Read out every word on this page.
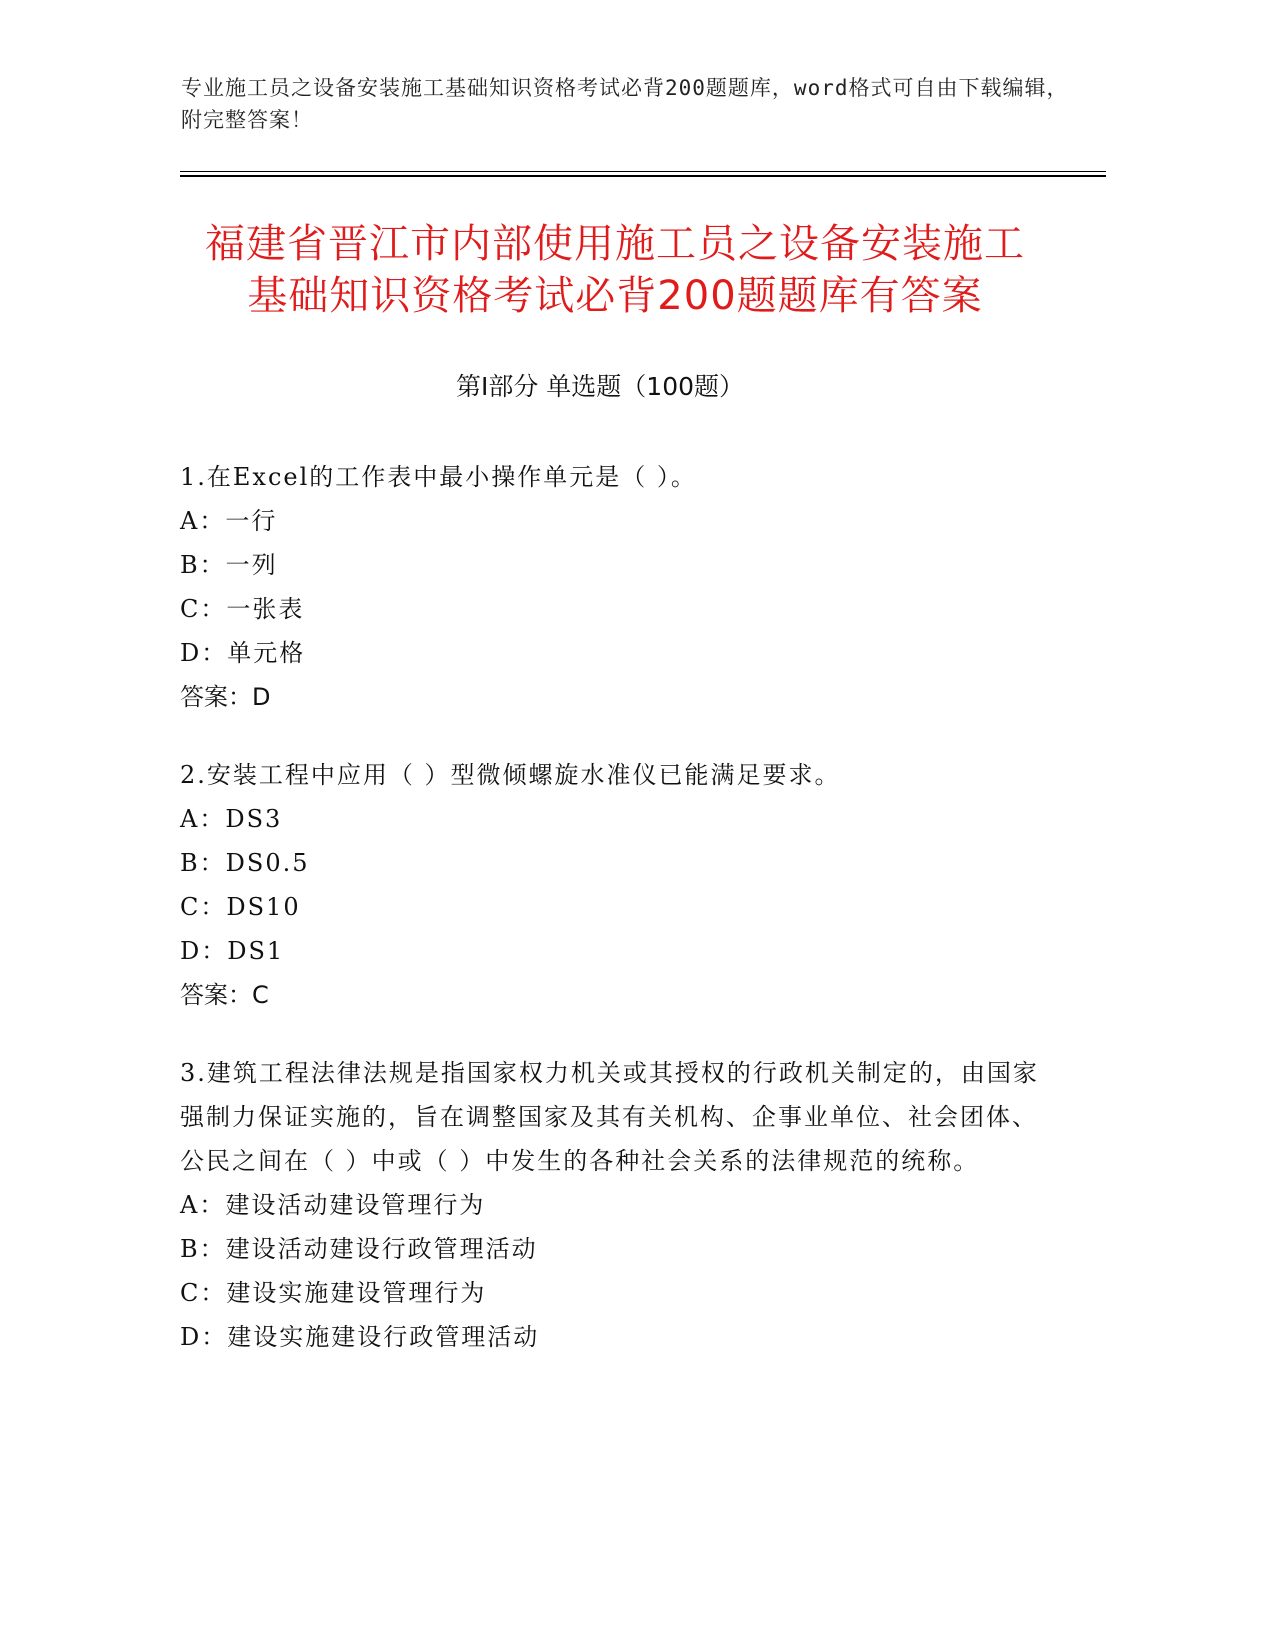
专业施工员之设备安装施工基础知识资格考试必背200题题库，word格式可自由下载编辑，附完整答案！
福建省晋江市内部使用施工员之设备安装施工基础知识资格考试必背200题题库有答案
第Ⅰ部分 单选题（100题）
1.在Excel的工作表中最小操作单元是（ ）。
A：一行
B：一列
C：一张表
D：单元格
答案：D
2.安装工程中应用（ ）型微倾螺旋水准仪已能满足要求。
A：DS3
B：DS0.5
C：DS10
D：DS1
答案：C
3.建筑工程法律法规是指国家权力机关或其授权的行政机关制定的，由国家强制力保证实施的，旨在调整国家及其有关机构、企事业单位、社会团体、公民之间在（ ）中或（ ）中发生的各种社会关系的法律规范的统称。
A：建设活动建设管理行为
B：建设活动建设行政管理活动
C：建设实施建设管理行为
D：建设实施建设行政管理活动
